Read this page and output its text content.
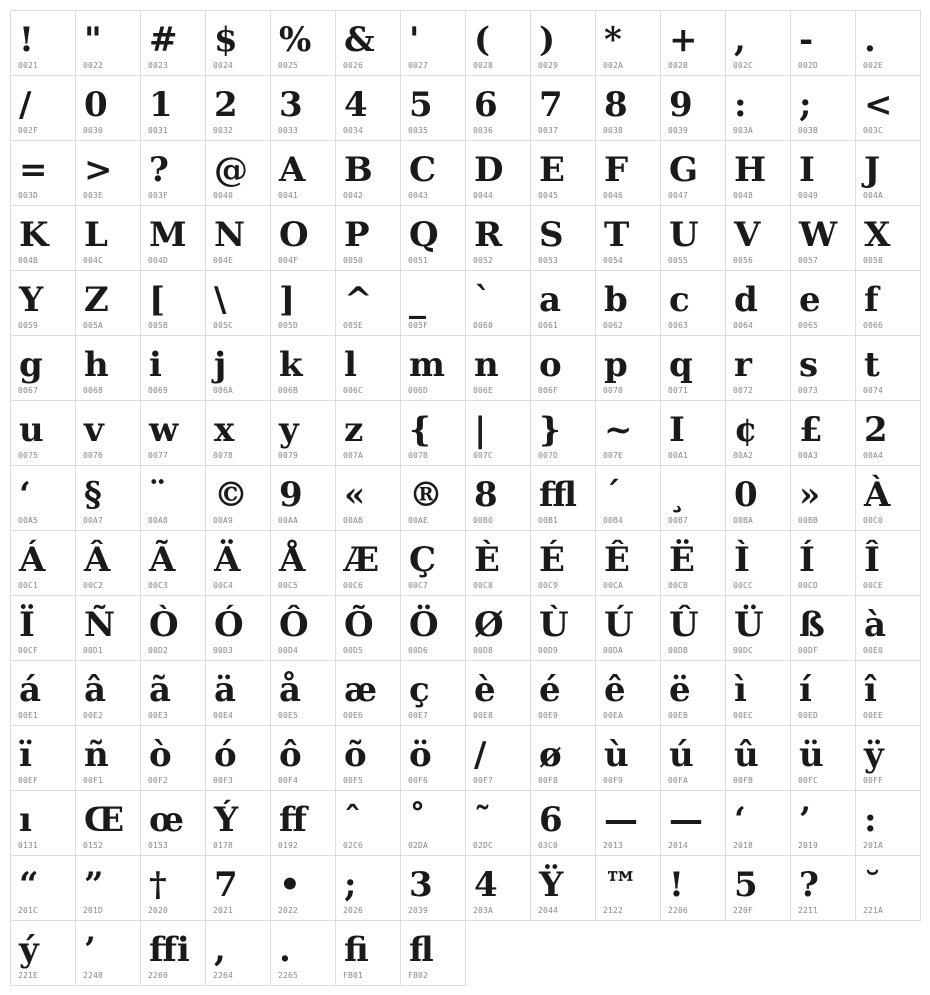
!
0021
"
0022
#
0023
$
0024
%
0025
&
0026
'
0027
(
0028
)
0029
*
002A
+
002B
,
002C
-
002D
.
002E
/
002F
0
0030
1
0031
2
0032
3
0033
4
0034
5
0035
6
0036
7
0037
8
0038
9
0039
:
003A
;
003B
<
003C
=
003D
>
003E
?
003F
@
0040
A
0041
B
0042
C
0043
D
0044
E
0045
F
0046
G
0047
H
0048
I
0049
J
004A
K
004B
L
004C
M
004D
N
004E
O
004F
P
0050
Q
0051
R
0052
S
0053
T
0054
U
0055
V
0056
W
0057
X
0058
Y
0059
Z
005A
[
005B
\
005C
]
005D
^
005E
_
005F
`
0060
a
0061
b
0062
c
0063
d
0064
e
0065
f
0066
g
0067
h
0068
i
0069
j
006A
k
006B
l
006C
m
006D
n
006E
o
006F
p
0070
q
0071
r
0072
s
0073
t
0074
u
0075
v
0076
w
0077
x
0078
y
0079
z
007A
{
007B
|
007C
}
007D
~
007E
I
00A1
¢
00A2
£
00A3
2
00A4
‘
00A5
§
00A7
¨
00A8
©
00A9
9
00AA
«
00AB
®
00AE
8
00B0
ffl
00B1
´
00B4
¸
00B7
0
00BA
»
00BB
À
00C0
Á
00C1
Â
00C2
Ã
00C3
Ä
00C4
Å
00C5
Æ
00C6
Ç
00C7
È
00C8
É
00C9
Ê
00CA
Ë
00CB
Ì
00CC
Í
00CD
Î
00CE
Ï
00CF
Ñ
00D1
Ò
00D2
Ó
00D3
Ô
00D4
Õ
00D5
Ö
00D6
Ø
00D8
Ù
00D9
Ú
00DA
Û
00DB
Ü
00DC
ß
00DF
à
00E0
á
00E1
â
00E2
ã
00E3
ä
00E4
å
00E5
æ
00E6
ç
00E7
è
00E8
é
00E9
ê
00EA
ë
00EB
ì
00EC
í
00ED
î
00EE
ï
00EF
ñ
00F1
ò
00F2
ó
00F3
ô
00F4
õ
00F5
ö
00F6
/
00F7
ø
00F8
ù
00F9
ú
00FA
û
00FB
ü
00FC
ÿ
00FF
ı
0131
Œ
0152
œ
0153
Ý
0178
ff
0192
ˆ
02C6
˚
02DA
˜
02DC
6
03C0
—
2013
—
2014
‘
2018
’
2019
:
201A
“
201C
”
201D
†
2020
7
2021
•
2022
;
2026
3
2039
4
203A
Ÿ
2044
™
2122
!
2206
5
220F
?
2211
˘
221A
ý
221E
’
2248
ffi
2260
,
2264
.
2265
fi
FB01
fl
FB02
